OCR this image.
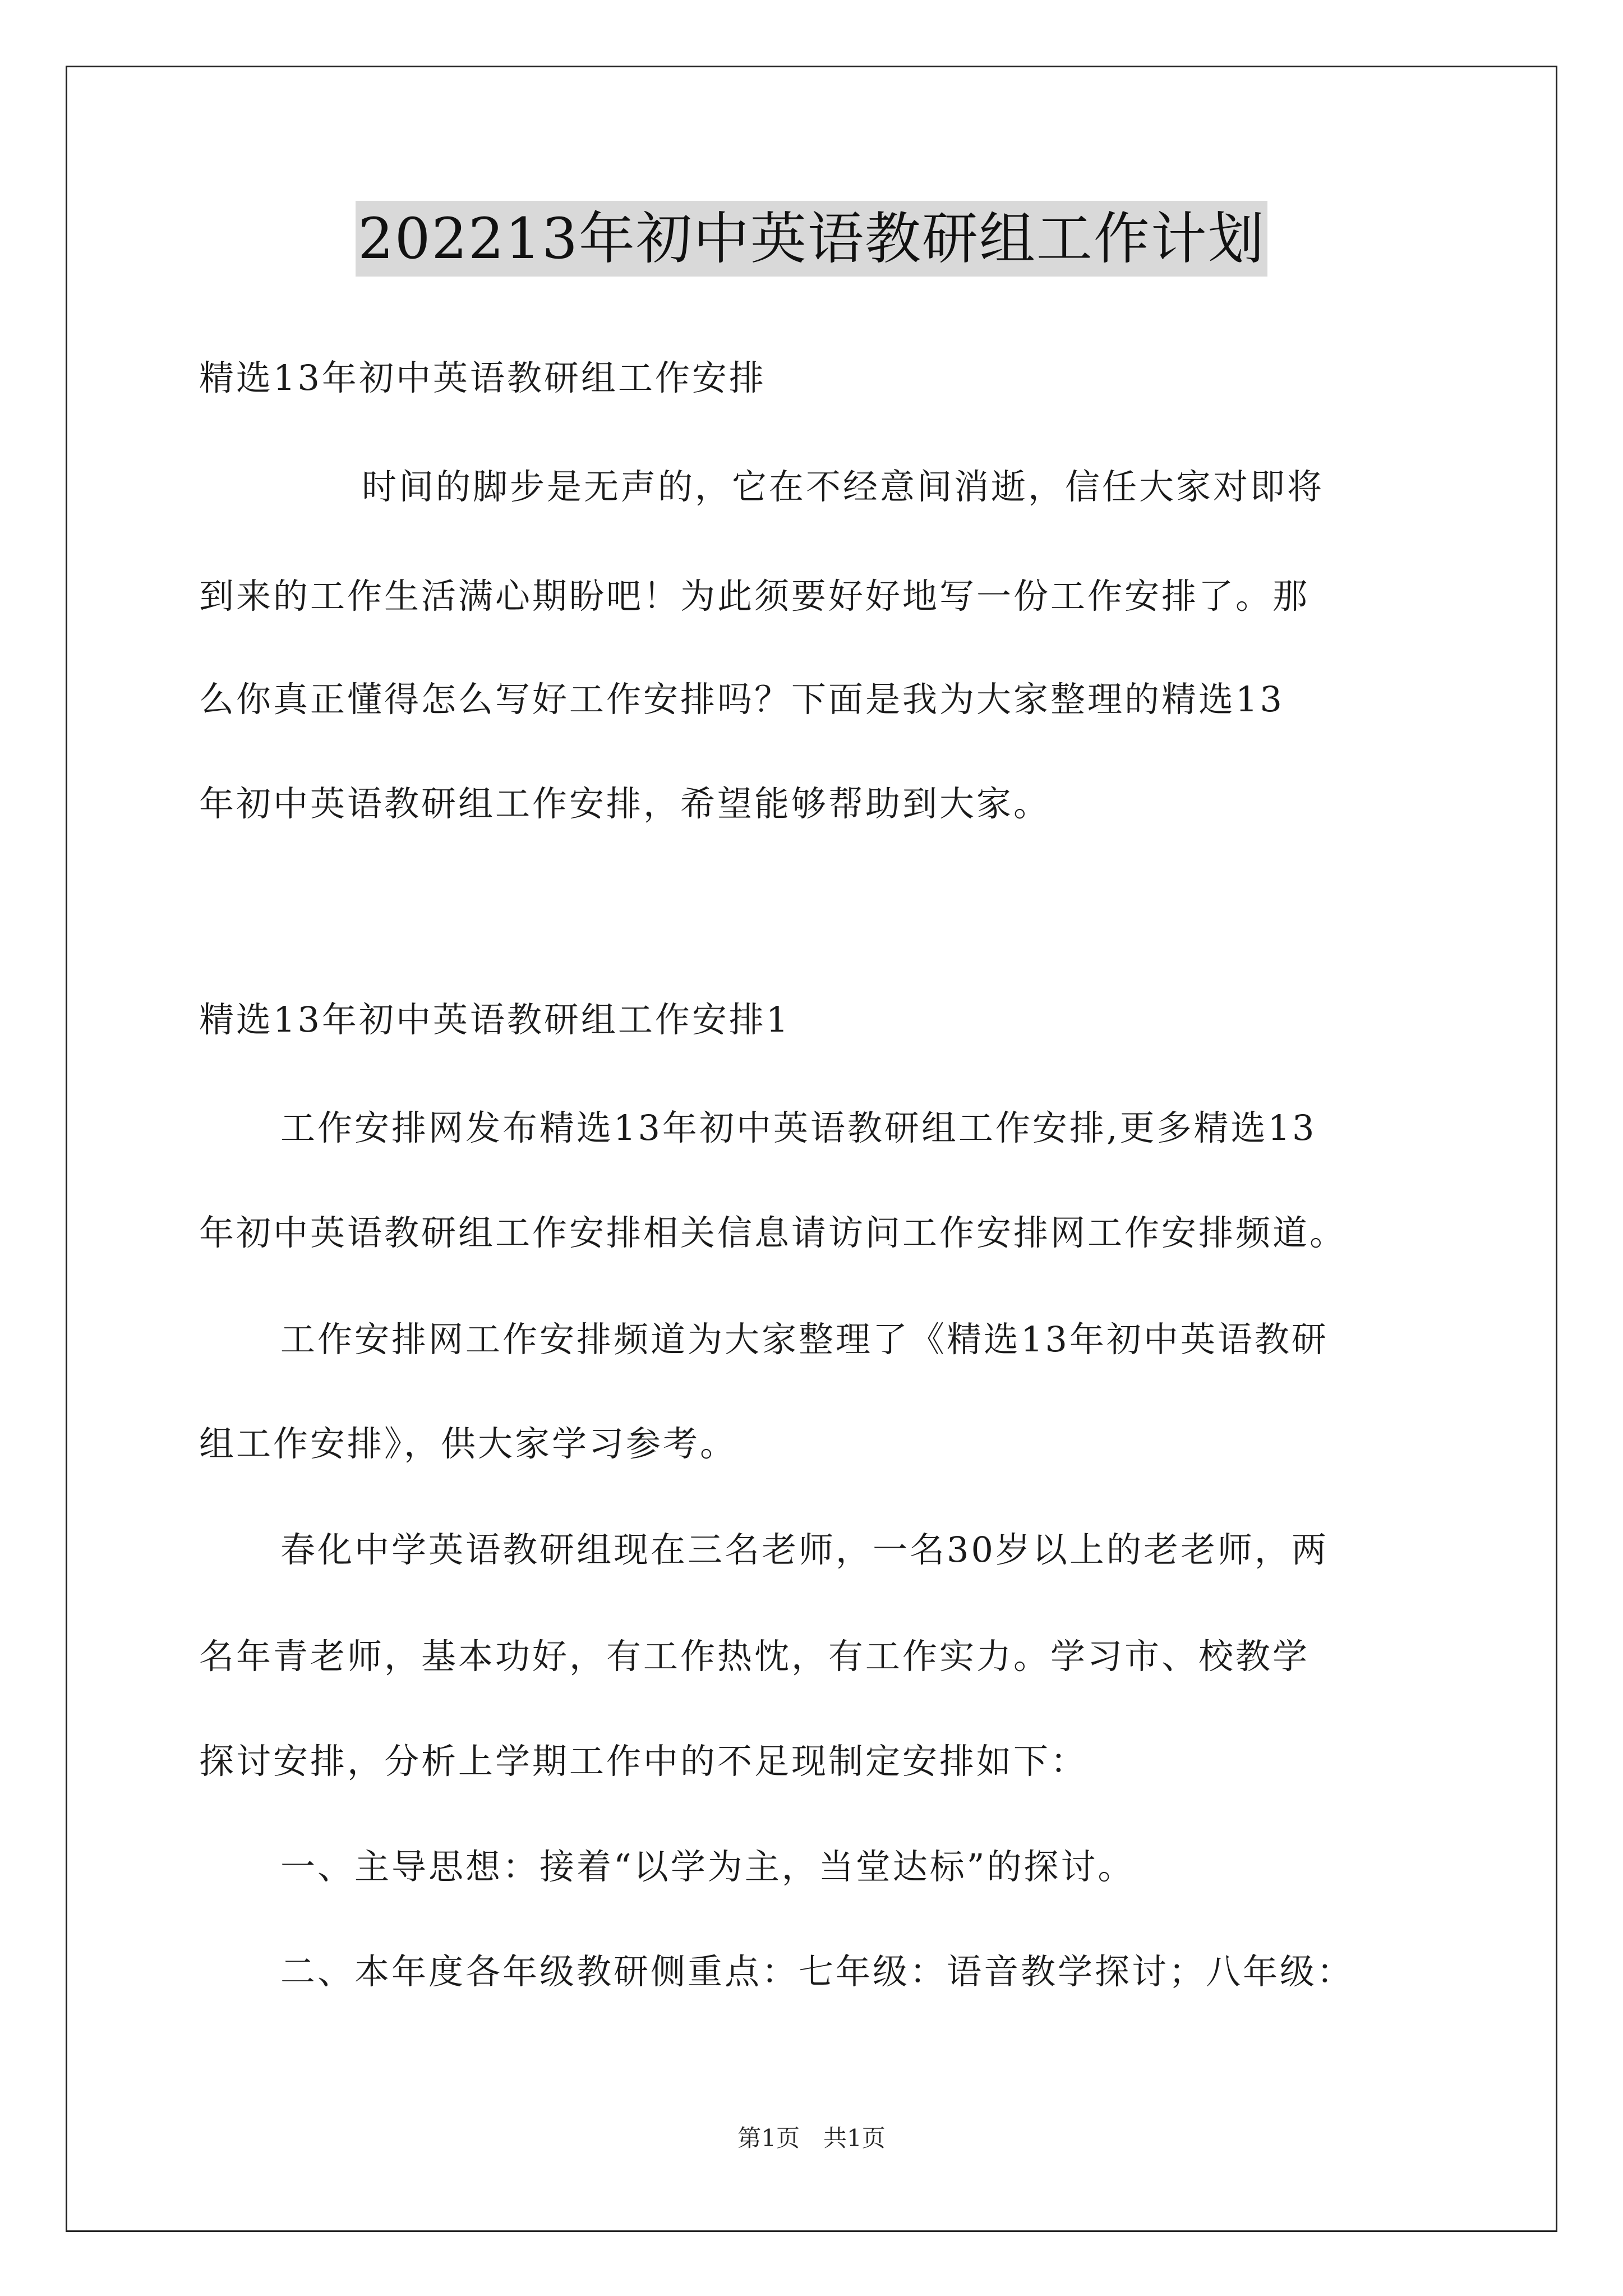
202213年初中英语教研组工作计划
精选13年初中英语教研组工作安排
时间的脚步是无声的，它在不经意间消逝，信任大家对即将
到来的工作生活满心期盼吧！为此须要好好地写一份工作安排了。那
么你真正懂得怎么写好工作安排吗？下面是我为大家整理的精选13
年初中英语教研组工作安排，希望能够帮助到大家。
精选13年初中英语教研组工作安排1
工作安排网发布精选13年初中英语教研组工作安排,更多精选13
年初中英语教研组工作安排相关信息请访问工作安排网工作安排频道。
工作安排网工作安排频道为大家整理了《精选13年初中英语教研
组工作安排》，供大家学习参考。
春化中学英语教研组现在三名老师，一名30岁以上的老老师，两
名年青老师，基本功好，有工作热忱，有工作实力。学习市、校教学
探讨安排，分析上学期工作中的不足现制定安排如下：
一、主导思想：接着“以学为主，当堂达标”的探讨。
二、本年度各年级教研侧重点：七年级：语音教学探讨；八年级：
第1页　共1页
